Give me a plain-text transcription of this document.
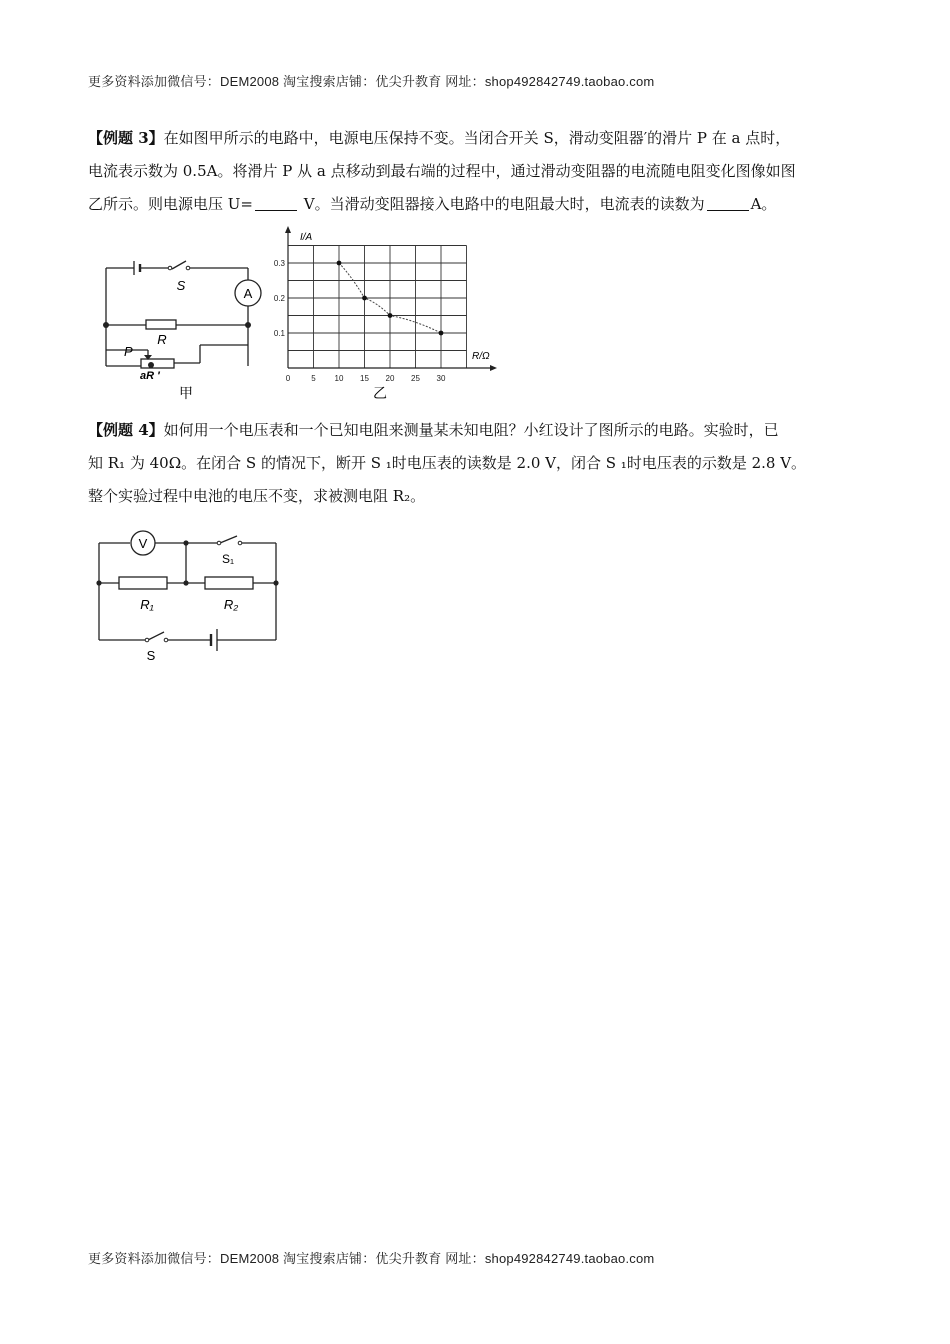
更多资料添加微信号：DEM2008 淘宝搜索店铺：优尖升教育 网址：shop492842749.taobao.com
【例题 3】在如图甲所示的电路中，电源电压保持不变。当闭合开关 S，滑动变阻器′的滑片 P 在 a 点时，
电流表示数为 0.5A。将滑片 P 从 a 点移动到最右端的过程中，通过滑动变阻器的电流随电阻变化图像如图
乙所示。则电源电压 U=	V。当滑动变阻器接入电路中的电阻最大时，电流表的读数为	A。
S
A
R
P
aR ′
甲
0	5 10 15 20 25 30
0.1
0.2
0.3
I/A
R/Ω
乙
【例题 4】如何用一个电压表和一个已知电阻来测量某未知电阻？小红设计了图所示的电路。实验时，已
知 R₁ 为 40Ω。在闭合 S 的情况下，断开 S ₁时电压表的读数是 2.0 V，闭合 S ₁时电压表的示数是 2.8 V。
整个实验过程中电池的电压不变，求被测电阻 R₂。
V
S₁
R₁	R₂
S
更多资料添加微信号：DEM2008 淘宝搜索店铺：优尖升教育 网址：shop492842749.taobao.com
